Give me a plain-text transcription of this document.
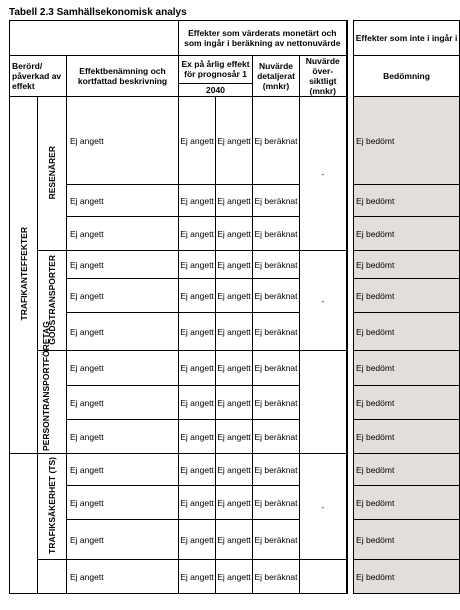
Tabell 2.3 Samhällsekonomisk analys
			Effekter som värderats monetärt och som ingår i beräkning av nettonuvärde					Effekter som inte i ingår i
Berörd/ påverkad av effekt		Effektbenämning och kortfattad beskrivning	Ex på årlig effekt för prognosår 1		Nuvärde detaljerat (mnkr)	Nuvärde över-siktligt (mnkr)		Bedömning
			2040					
TRAFIKANTEFFEKTER	RESENÄRER	Ej angett	Ej angett	Ej angett	Ej beräknat	-		Ej bedömt
		Ej angett	Ej angett	Ej angett	Ej beräknat			Ej bedömt
		Ej angett	Ej angett	Ej angett	Ej beräknat			Ej bedömt
	GODSTRANSPORTER	Ej angett	Ej angett	Ej angett	Ej beräknat	-		Ej bedömt
		Ej angett	Ej angett	Ej angett	Ej beräknat			Ej bedömt
		Ej angett	Ej angett	Ej angett	Ej beräknat			Ej bedömt
	PERSONTRANSPORTFÖRETAG	Ej angett	Ej angett	Ej angett	Ej beräknat			Ej bedömt
		Ej angett	Ej angett	Ej angett	Ej beräknat			Ej bedömt
		Ej angett	Ej angett	Ej angett	Ej beräknat			Ej bedömt
	TRAFIKSÄKERHET (TS)	Ej angett	Ej angett	Ej angett	Ej beräknat	-		Ej bedömt
		Ej angett	Ej angett	Ej angett	Ej beräknat			Ej bedömt
		Ej angett	Ej angett	Ej angett	Ej beräknat			Ej bedömt
		Ej angett	Ej angett	Ej angett	Ej beräknat			Ej bedömt
